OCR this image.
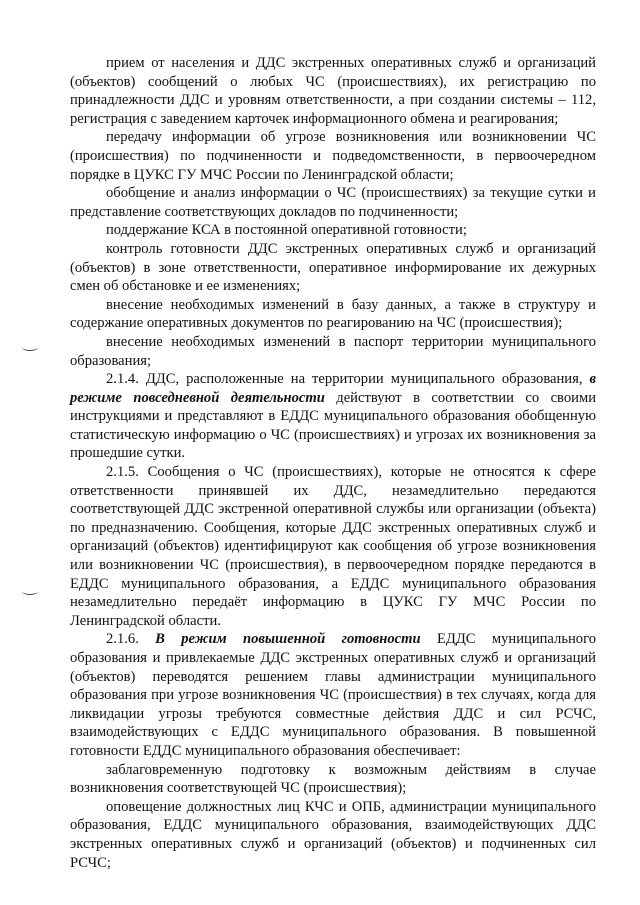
прием от населения и ДДС экстренных оперативных служб и организаций (объектов) сообщений о любых ЧС (происшествиях), их регистрацию по принадлежности ДДС и уровням ответственности, а при создании системы – 112, регистрация с заведением карточек информационного обмена и реагирования;

передачу информации об угрозе возникновения или возникновении ЧС (происшествия) по подчиненности и подведомственности, в первоочередном порядке в ЦУКС ГУ МЧС России по Ленинградской области;

обобщение и анализ информации о ЧС (происшествиях) за текущие сутки и представление соответствующих докладов по подчиненности;

поддержание КСА в постоянной оперативной готовности;

контроль готовности ДДС экстренных оперативных служб и организаций (объектов) в зоне ответственности, оперативное информирование их дежурных смен об обстановке и ее изменениях;

внесение необходимых изменений в базу данных, а также в структуру и содержание оперативных документов по реагированию на ЧС (происшествия);

внесение необходимых изменений в паспорт территории муниципального образования;

2.1.4. ДДС, расположенные на территории муниципального образования, в режиме повседневной деятельности действуют в соответствии со своими инструкциями и представляют в ЕДДС муниципального образования обобщенную статистическую информацию о ЧС (происшествиях) и угрозах их возникновения за прошедшие сутки.

2.1.5. Сообщения о ЧС (происшествиях), которые не относятся к сфере ответственности принявшей их ДДС, незамедлительно передаются соответствующей ДДС экстренной оперативной службы или организации (объекта) по предназначению. Сообщения, которые ДДС экстренных оперативных служб и организаций (объектов) идентифицируют как сообщения об угрозе возникновения или возникновении ЧС (происшествия), в первоочередном порядке передаются в ЕДДС муниципального образования, а ЕДДС муниципального образования незамедлительно передаёт информацию в ЦУКС ГУ МЧС России по Ленинградской области.

2.1.6. В режим повышенной готовности ЕДДС муниципального образования и привлекаемые ДДС экстренных оперативных служб и организаций (объектов) переводятся решением главы администрации муниципального образования при угрозе возникновения ЧС (происшествия) в тех случаях, когда для ликвидации угрозы требуются совместные действия ДДС и сил РСЧС, взаимодействующих с ЕДДС муниципального образования. В повышенной готовности ЕДДС муниципального образования обеспечивает:

заблаговременную подготовку к возможным действиям в случае возникновения соответствующей ЧС (происшествия);

оповещение должностных лиц КЧС и ОПБ, администрации муниципального образования, ЕДДС муниципального образования, взаимодействующих ДДС экстренных оперативных служб и организаций (объектов) и подчиненных сил РСЧС;
